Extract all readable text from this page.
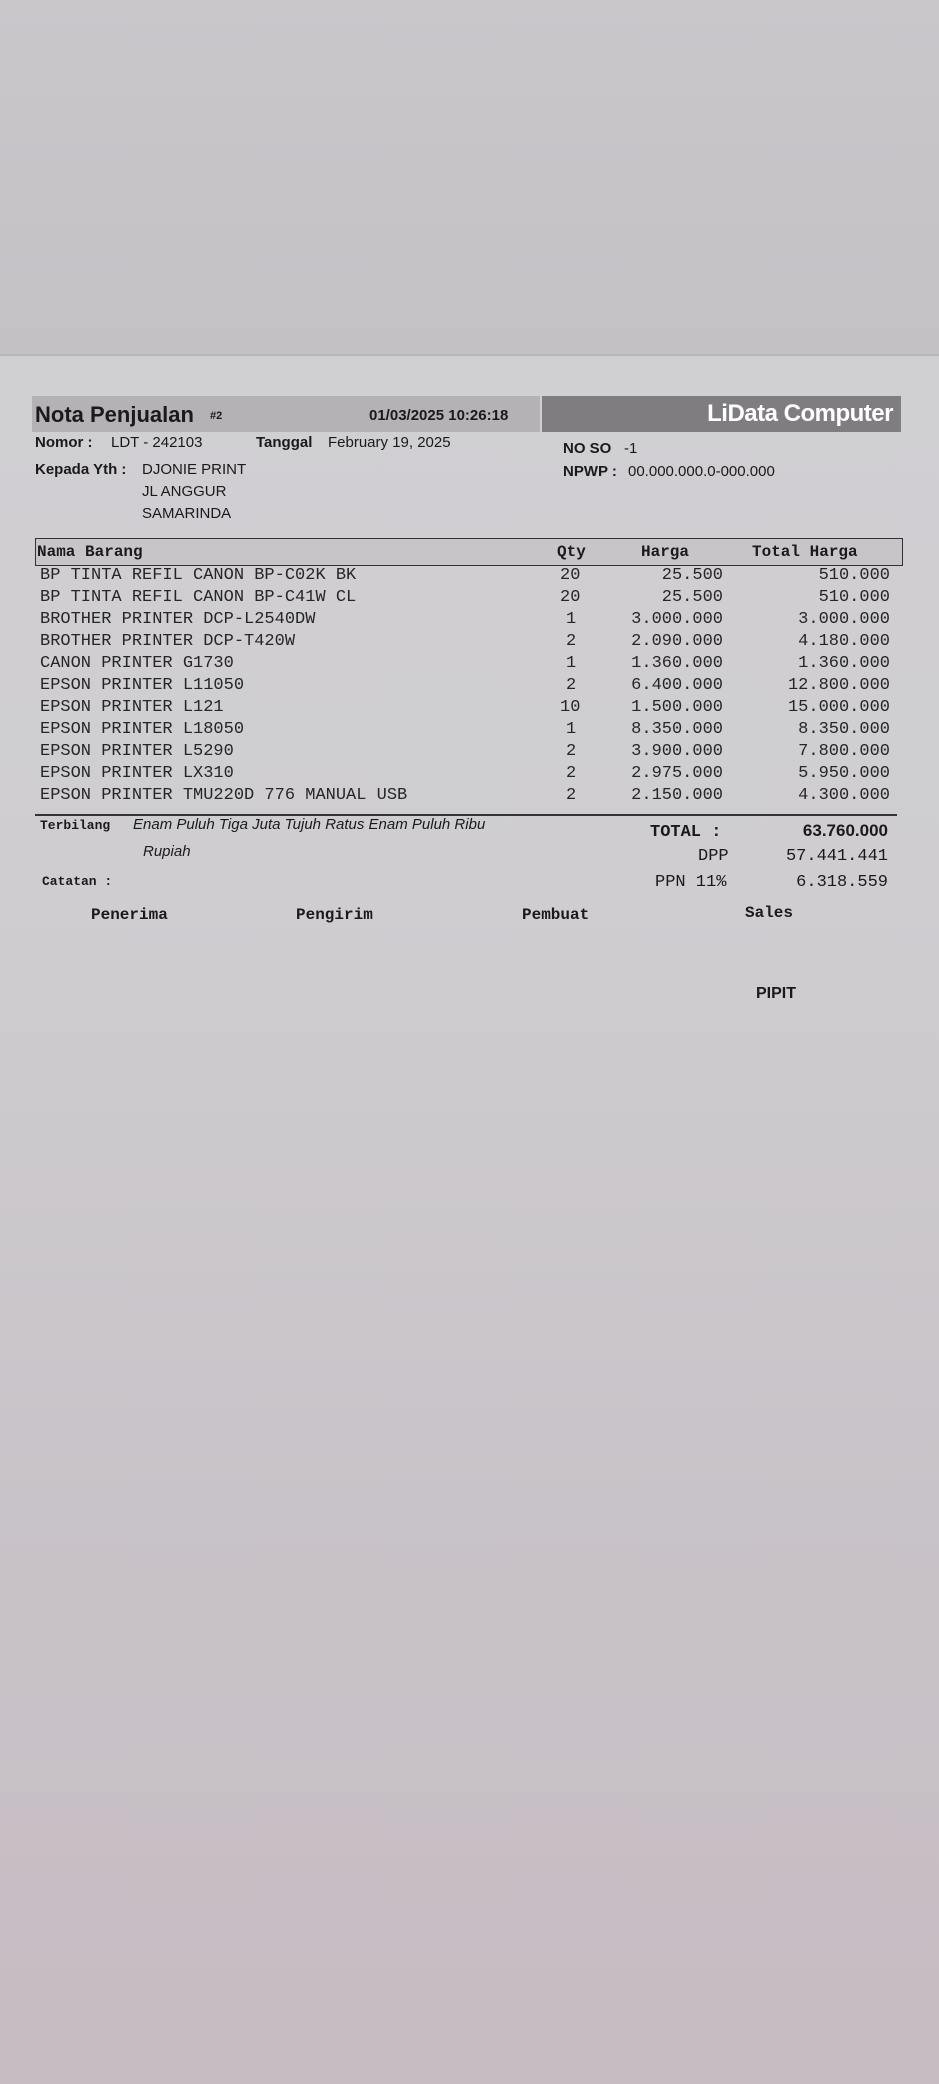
LiData Computer
Nota Penjualan #2	01/03/2025 10:26:18
Nomor : LDT - 242103	Tanggal February 19, 2025	NO SO -1
Kepada Yth : DJONIE PRINT
JL ANGGUR
SAMARINDA
NPWP : 00.000.000.0-000.000
Nama Barang	Qty	Harga	Total Harga
BP TINTA REFIL CANON BP-C02K BK	20	25.500	510.000
BP TINTA REFIL CANON BP-C41W CL	20	25.500	510.000
BROTHER PRINTER DCP-L2540DW	1	3.000.000	3.000.000
BROTHER PRINTER DCP-T420W	2	2.090.000	4.180.000
CANON PRINTER G1730	1	1.360.000	1.360.000
EPSON PRINTER L11050	2	6.400.000	12.800.000
EPSON PRINTER L121	10	1.500.000	15.000.000
EPSON PRINTER L18050	1	8.350.000	8.350.000
EPSON PRINTER L5290	2	3.900.000	7.800.000
EPSON PRINTER LX310	2	2.975.000	5.950.000
EPSON PRINTER TMU220D 776 MANUAL USB	2	2.150.000	4.300.000
Terbilang Enam Puluh Tiga Juta Tujuh Ratus Enam Puluh Ribu
Rupiah
TOTAL :	63.760.000
DPP	57.441.441
PPN 11%	6.318.559
Catatan :
Penerima	Pengirim	Pembuat	Sales
PIPIT
